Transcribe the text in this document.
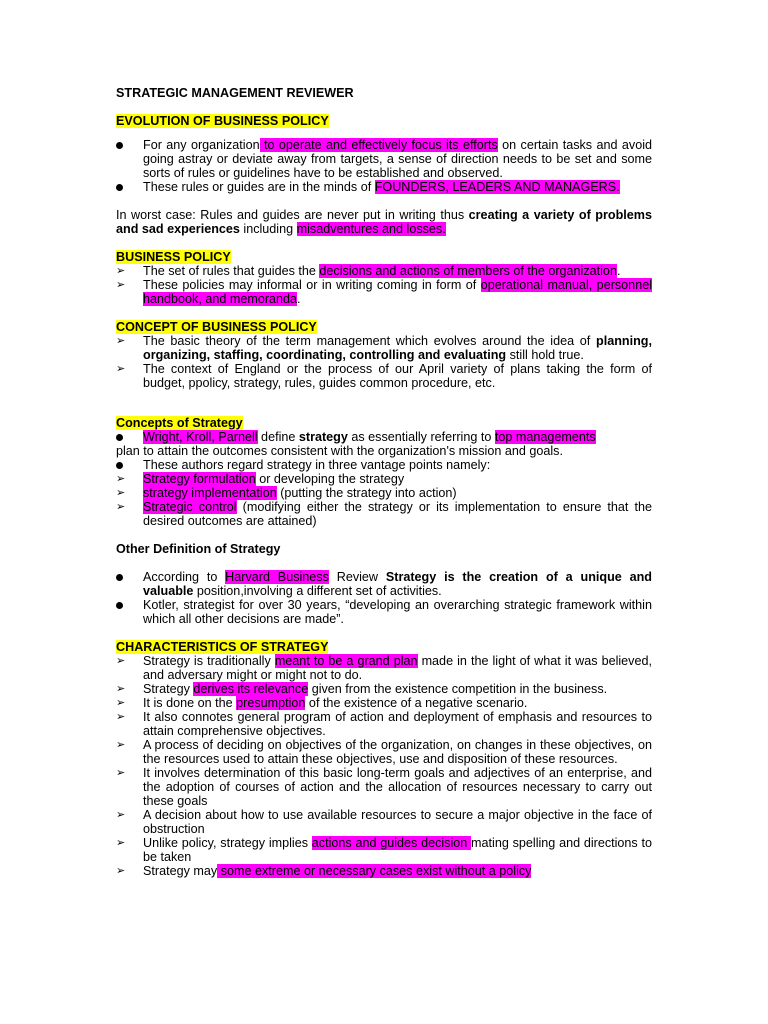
STRATEGIC MANAGEMENT REVIEWER
EVOLUTION OF BUSINESS POLICY
For any organization to operate and effectively focus its efforts on certain tasks and avoid going astray or deviate away from targets, a sense of direction needs to be set and some sorts of rules or guidelines have to be established and observed.
These rules or guides are in the minds of FOUNDERS, LEADERS AND MANAGERS.

In worst case: Rules and guides are never put in writing thus creating a variety of problems and sad experiences including misadventures and losses.

BUSINESS POLICY
➢	The set of rules that guides the decisions and actions of members of the organization.
➢	These policies may informal or in writing coming in form of operational manual, personnel handbook, and memoranda.
CONCEPT OF BUSINESS POLICY
➢	The basic theory of the term management which evolves around the idea of planning, organizing, staffing, coordinating, controlling and evaluating still hold true.
➢	The context of England or the process of our April variety of plans taking the form of budget, ppolicy, strategy, rules, guides common procedure, etc.
Concepts of Strategy
Wright, Kroll, Parnell define strategy as essentially referring to top managements

plan to attain the outcomes consistent with the organization's mission and goals.

These authors regard strategy in three vantage points namely:
➢	Strategy formulation or developing the strategy
➢	strategy implementation (putting the strategy into action)
➢	Strategic control (modifying either the strategy or its implementation to ensure that the desired outcomes are attained)
Other Definition of Strategy
According to Harvard Business Review Strategy is the creation of a unique and valuable position,involving a different set of activities.
Kotler, strategist for over 30 years, “developing an overarching strategic framework within which all other decisions are made”.
CHARACTERISTICS OF STRATEGY
➢	Strategy is traditionally meant to be a grand plan made in the light of what it was believed, and adversary might or might not to do.
➢	Strategy derives its relevance given from the existence competition in the business.
➢	It is done on the presumption of the existence of a negative scenario.
➢	It also connotes general program of action and deployment of emphasis and resources to attain comprehensive objectives.
➢	A process of deciding on objectives of the organization, on changes in these objectives, on the resources used to attain these objectives, use and disposition of these resources.
➢	It involves determination of this basic long-term goals and adjectives of an enterprise, and the adoption of courses of action and the allocation of resources necessary to carry out these goals
➢	A decision about how to use available resources to secure a major objective in the face of obstruction
➢	Unlike policy, strategy implies actions and guides decision mating spelling and directions to be taken
➢	Strategy may some extreme or necessary cases exist without a policy
